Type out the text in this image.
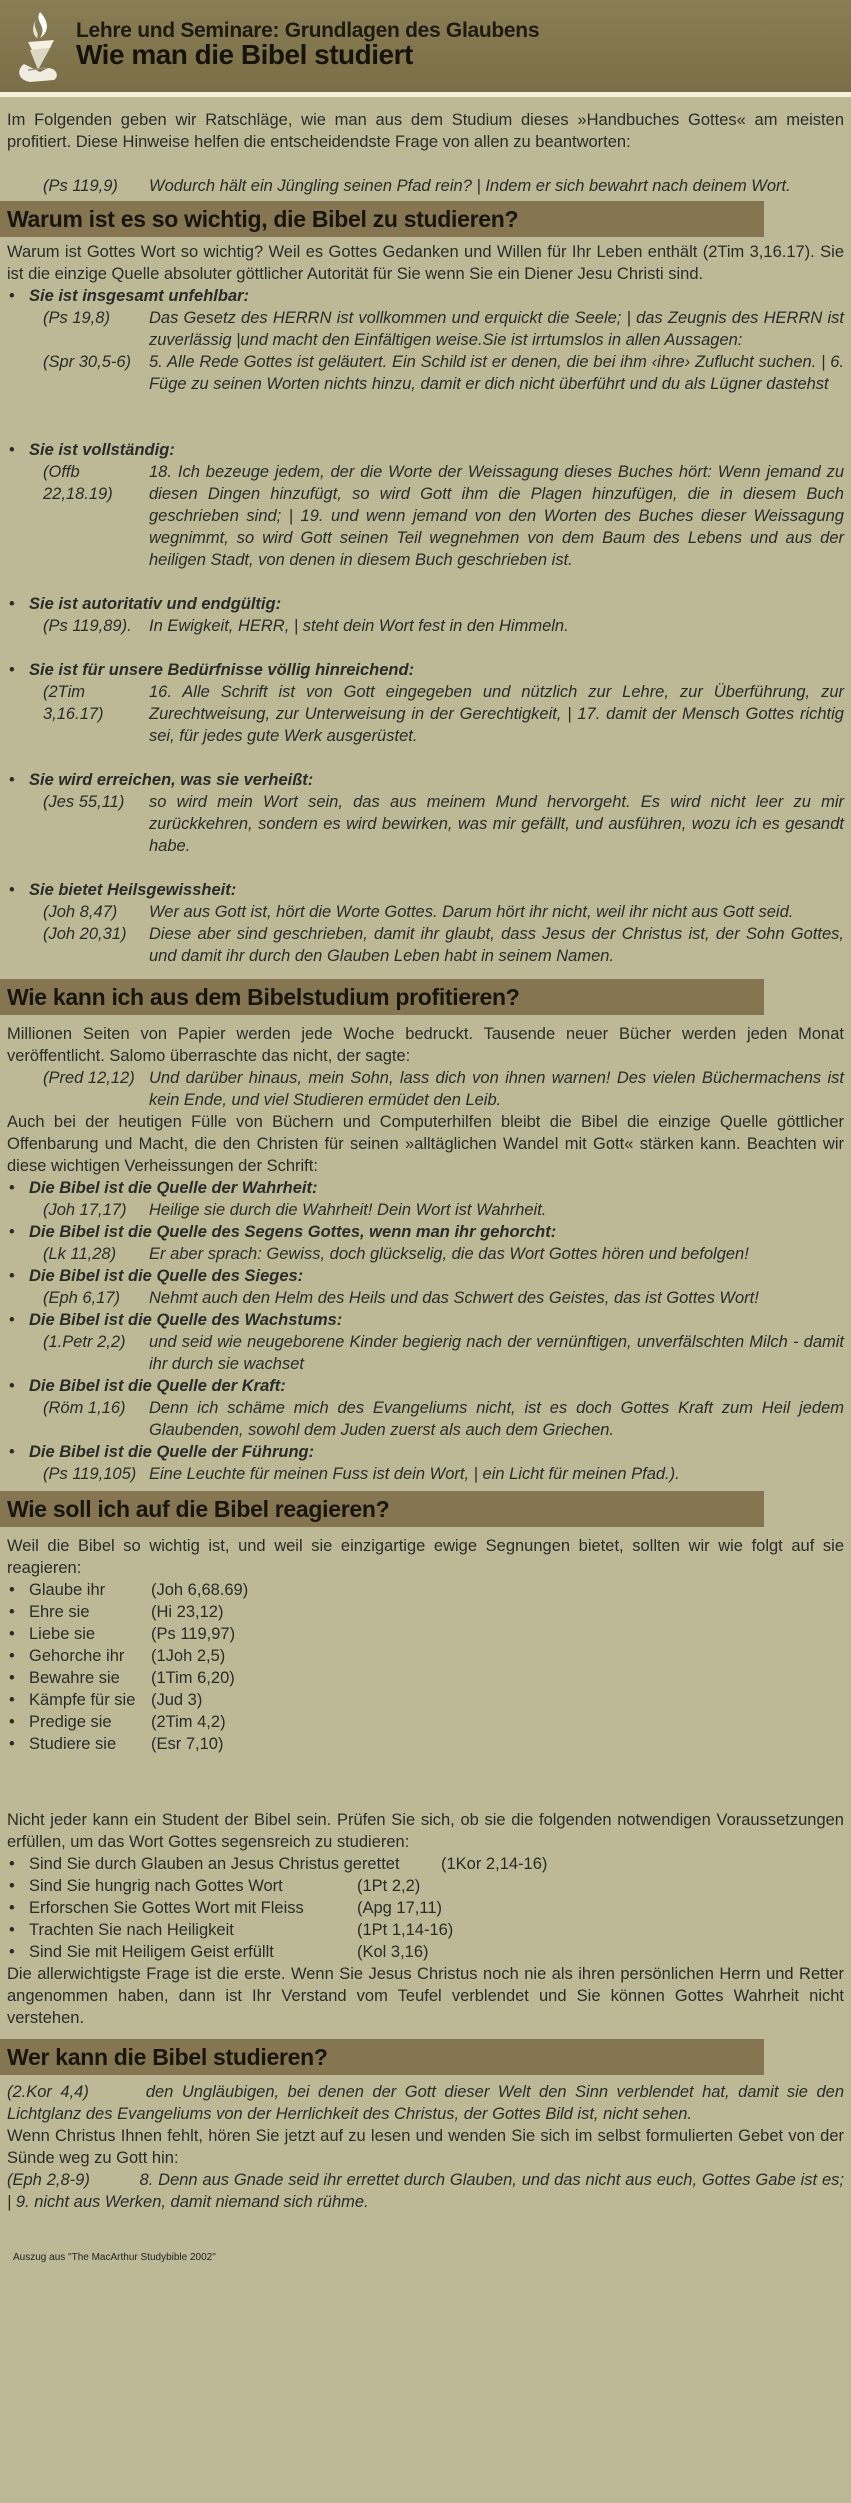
Lehre und Seminare: Grundlagen des Glaubens
Wie man die Bibel studiert

Im Folgenden geben wir Ratschläge, wie man aus dem Studium dieses »Handbuches Gottes« am meisten profitiert. Diese Hinweise helfen die entscheidendste Frage von allen zu beantworten:

(Ps 119,9)	Wodurch hält ein Jüngling seinen Pfad rein? | Indem er sich bewahrt nach deinem Wort.
Warum ist es so wichtig, die Bibel zu studieren?

Warum ist Gottes Wort so wichtig? Weil es Gottes Gedanken und Willen für Ihr Leben enthält (2Tim 3,16.17). Sie ist die einzige Quelle absoluter göttlicher Autorität für Sie wenn Sie ein Diener Jesu Christi sind.

• Sie ist insgesamt unfehlbar:
(Ps 19,8)	Das Gesetz des HERRN ist vollkommen und erquickt die Seele; | das Zeugnis des HERRN ist zuverlässig |und macht den Einfältigen weise.Sie ist irrtumslos in allen Aussagen:
(Spr 30,5-6)	5. Alle Rede Gottes ist geläutert. Ein Schild ist er denen, die bei ihm ‹ihre› Zuflucht suchen. | 6. Füge zu seinen Worten nichts hinzu, damit er dich nicht überführt und du als Lügner dastehst
• Sie ist vollständig:
(Offb 22,18.19)
18. Ich bezeuge jedem, der die Worte der Weissagung dieses Buches hört: Wenn jemand zu diesen Dingen hinzufügt, so wird Gott ihm die Plagen hinzufügen, die in diesem Buch geschrieben sind; | 19. und wenn jemand von den Worten des Buches dieser Weissagung wegnimmt, so wird Gott seinen Teil wegnehmen von dem Baum des Lebens und aus der heiligen Stadt, von denen in diesem Buch geschrieben ist.
• Sie ist autoritativ und endgültig:
(Ps 119,89).	In Ewigkeit, HERR, | steht dein Wort fest in den Himmeln.
• Sie ist für unsere Bedürfnisse völlig hinreichend:
(2Tim 3,16.17)
16. Alle Schrift ist von Gott eingegeben und nützlich zur Lehre, zur Überführung, zur Zurechtweisung, zur Unterweisung in der Gerechtigkeit, | 17. damit der Mensch Gottes richtig sei, für jedes gute Werk ausgerüstet.
• Sie wird erreichen, was sie verheißt:
(Jes 55,11)	so wird mein Wort sein, das aus meinem Mund hervorgeht. Es wird nicht leer zu mir zurückkehren, sondern es wird bewirken, was mir gefällt, und ausführen, wozu ich es gesandt habe.
• Sie bietet Heilsgewissheit:
(Joh 8,47)	Wer aus Gott ist, hört die Worte Gottes. Darum hört ihr nicht, weil ihr nicht aus Gott seid.
(Joh 20,31)	Diese aber sind geschrieben, damit ihr glaubt, dass Jesus der Christus ist, der Sohn Gottes, und damit ihr durch den Glauben Leben habt in seinem Namen.
Wie kann ich aus dem Bibelstudium profitieren?

Millionen Seiten von Papier werden jede Woche bedruckt. Tausende neuer Bücher werden jeden Monat veröffentlicht. Salomo überraschte das nicht, der sagte:

(Pred 12,12) Und darüber hinaus, mein Sohn, lass dich von ihnen warnen! Des vielen Büchermachens ist kein Ende, und viel Studieren ermüdet den Leib.

Auch bei der heutigen Fülle von Büchern und Computerhilfen bleibt die Bibel die einzige Quelle göttlicher Offenbarung und Macht, die den Christen für seinen »alltäglichen Wandel mit Gott« stärken kann. Beachten wir diese wichtigen Verheissungen der Schrift:

• Die Bibel ist die Quelle der Wahrheit:
(Joh 17,17)	Heilige sie durch die Wahrheit! Dein Wort ist Wahrheit.
• Die Bibel ist die Quelle des Segens Gottes, wenn man ihr gehorcht:
(Lk 11,28)	Er aber sprach: Gewiss, doch glückselig, die das Wort Gottes hören und befolgen!
• Die Bibel ist die Quelle des Sieges:
(Eph 6,17)	Nehmt auch den Helm des Heils und das Schwert des Geistes, das ist Gottes Wort!
• Die Bibel ist die Quelle des Wachstums:
(1.Petr 2,2)	und seid wie neugeborene Kinder begierig nach der vernünftigen, unverfälschten Milch - damit ihr durch sie wachset
• Die Bibel ist die Quelle der Kraft:
(Röm 1,16)	Denn ich schäme mich des Evangeliums nicht, ist es doch Gottes Kraft zum Heil jedem Glaubenden, sowohl dem Juden zuerst als auch dem Griechen.
• Die Bibel ist die Quelle der Führung:
(Ps 119,105) Eine Leuchte für meinen Fuss ist dein Wort, | ein Licht für meinen Pfad.).
Wie soll ich auf die Bibel reagieren?

Weil die Bibel so wichtig ist, und weil sie einzigartige ewige Segnungen bietet, sollten wir wie folgt auf sie reagieren:

• Glaube ihr	(Joh 6,68.69)
• Ehre sie	(Hi 23,12)
• Liebe sie	(Ps 119,97)
• Gehorche ihr	(1Joh 2,5)
• Bewahre sie	(1Tim 6,20)
• Kämpfe für sie (Jud 3)
• Predige sie	(2Tim 4,2)
• Studiere sie	(Esr 7,10)

Nicht jeder kann ein Student der Bibel sein. Prüfen Sie sich, ob sie die folgenden notwendigen Voraussetzungen erfüllen, um das Wort Gottes segensreich zu studieren:

• Sind Sie durch Glauben an Jesus Christus gerettet	(1Kor 2,14-16)
• Sind Sie hungrig nach Gottes Wort	(1Pt 2,2)
• Erforschen Sie Gottes Wort mit Fleiss	(Apg 17,11)
• Trachten Sie nach Heiligkeit	(1Pt 1,14-16)
• Sind Sie mit Heiligem Geist erfüllt	(Kol 3,16)

Die allerwichtigste Frage ist die erste. Wenn Sie Jesus Christus noch nie als ihren persönlichen Herrn und Retter angenommen haben, dann ist Ihr Verstand vom Teufel verblendet und Sie können Gottes Wahrheit nicht verstehen.

Wer kann die Bibel studieren?

(2.Kor 4,4)	den Ungläubigen, bei denen der Gott dieser Welt den Sinn verblendet hat, damit sie den Lichtglanz des Evangeliums von der Herrlichkeit des Christus, der Gottes Bild ist, nicht sehen.

Wenn Christus Ihnen fehlt, hören Sie jetzt auf zu lesen und wenden Sie sich im selbst formulierten Gebet von der Sünde weg zu Gott hin:

(Eph 2,8-9)	8. Denn aus Gnade seid ihr errettet durch Glauben, und das nicht aus euch, Gottes Gabe ist es; | 9. nicht aus Werken, damit niemand sich rühme.

Auszug aus "The MacArthur Studybible 2002"
